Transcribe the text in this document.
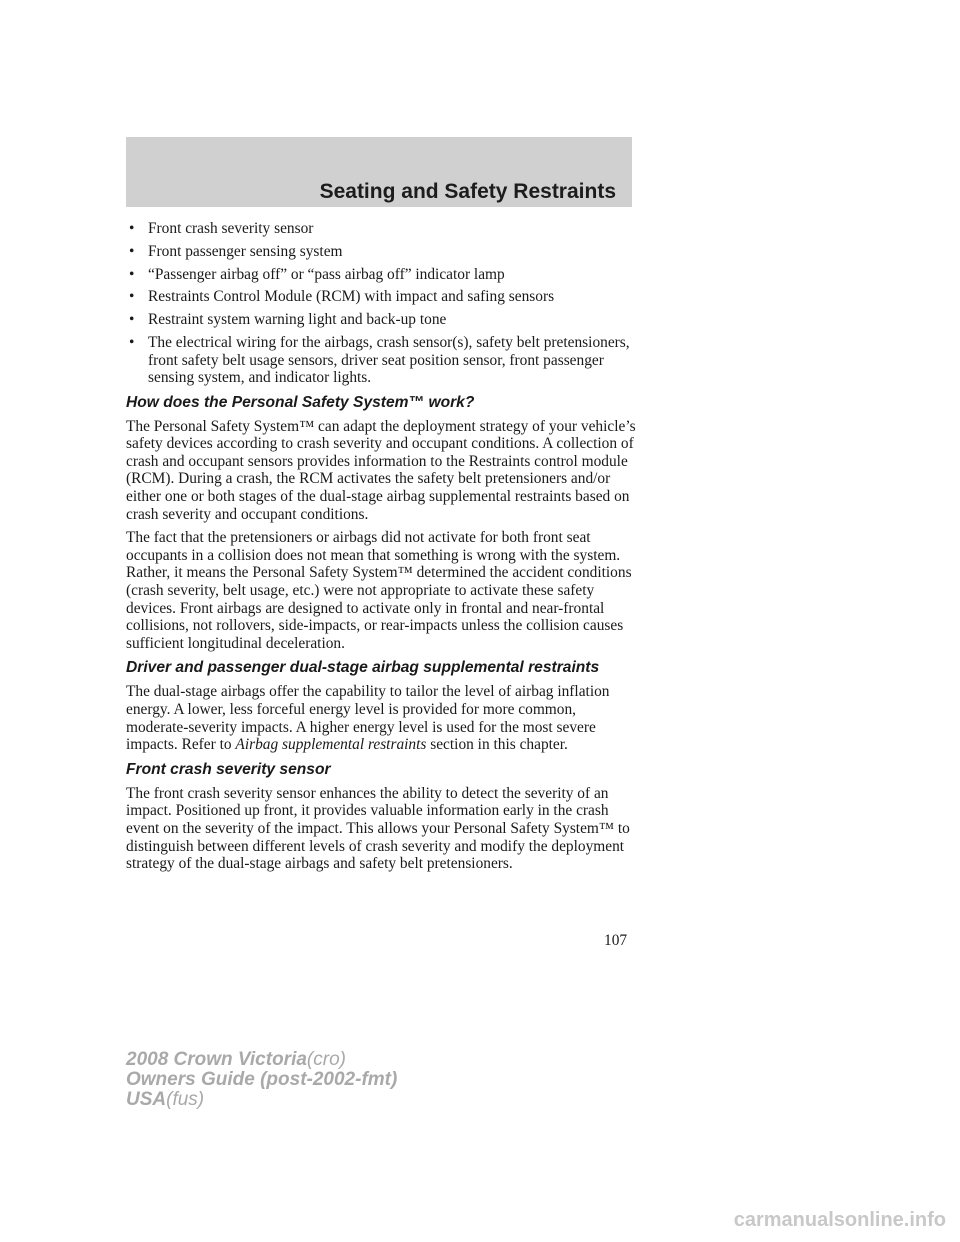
Seating and Safety Restraints
• Front crash severity sensor
• Front passenger sensing system
• “Passenger airbag off” or “pass airbag off” indicator lamp
• Restraints Control Module (RCM) with impact and safing sensors
• Restraint system warning light and back-up tone
• The electrical wiring for the airbags, crash sensor(s), safety belt pretensioners, front safety belt usage sensors, driver seat position sensor, front passenger sensing system, and indicator lights.
How does the Personal Safety System™ work?

The Personal Safety System™ can adapt the deployment strategy of your vehicle’s safety devices according to crash severity and occupant conditions. A collection of crash and occupant sensors provides information to the Restraints control module (RCM). During a crash, the RCM activates the safety belt pretensioners and/or either one or both stages of the dual-stage airbag supplemental restraints based on crash severity and occupant conditions.

The fact that the pretensioners or airbags did not activate for both front seat occupants in a collision does not mean that something is wrong with the system. Rather, it means the Personal Safety System™ determined the accident conditions (crash severity, belt usage, etc.) were not appropriate to activate these safety devices. Front airbags are designed to activate only in frontal and near-frontal collisions, not rollovers, side-impacts, or rear-impacts unless the collision causes sufficient longitudinal deceleration.

Driver and passenger dual-stage airbag supplemental restraints

The dual-stage airbags offer the capability to tailor the level of airbag inflation energy. A lower, less forceful energy level is provided for more common, moderate-severity impacts. A higher energy level is used for the most severe impacts. Refer to Airbag supplemental restraints section in this chapter.

Front crash severity sensor

The front crash severity sensor enhances the ability to detect the severity of an impact. Positioned up front, it provides valuable information early in the crash event on the severity of the impact. This allows your Personal Safety System™ to distinguish between different levels of crash severity and modify the deployment strategy of the dual-stage airbags and safety belt pretensioners.

107
2008 Crown Victoria(cro)
Owners Guide (post-2002-fmt)
USA(fus)
carmanualsonline.info
